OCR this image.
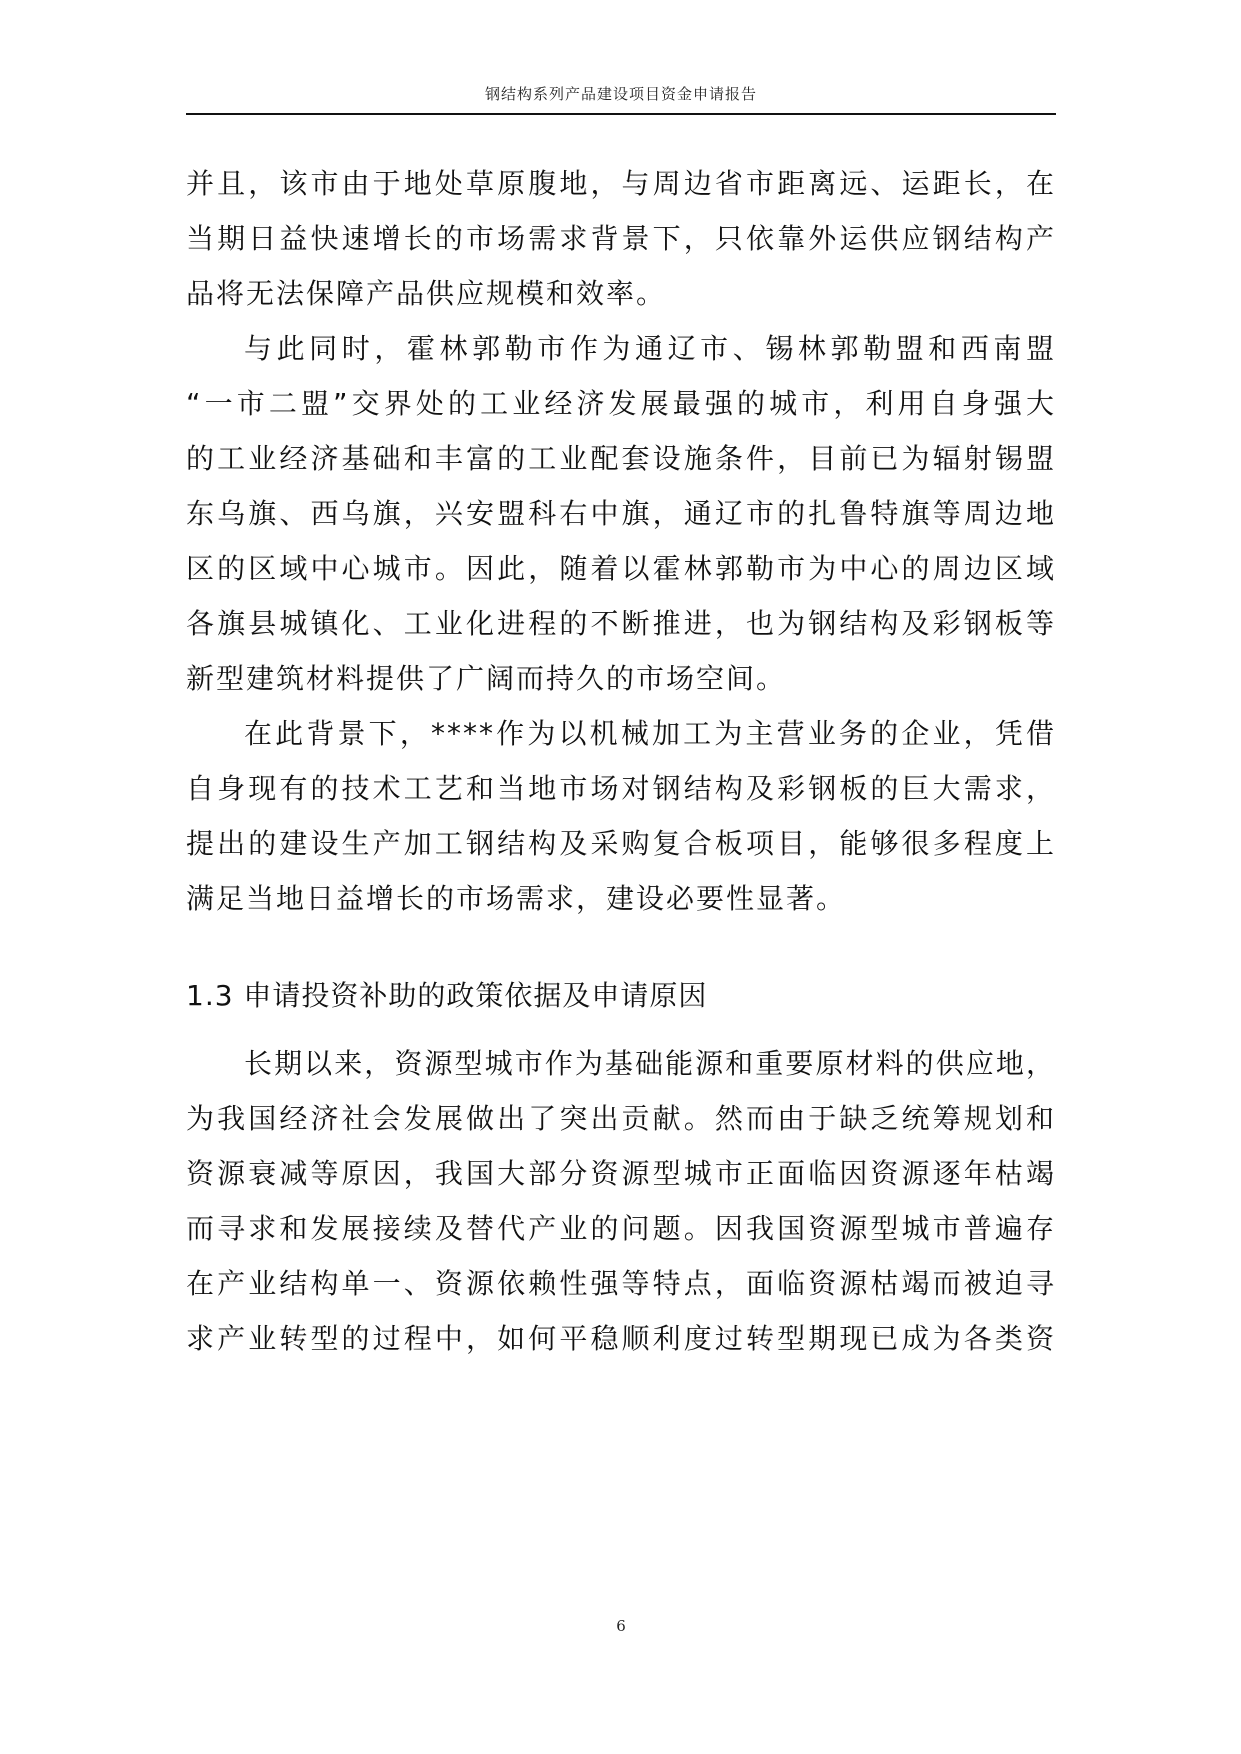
钢结构系列产品建设项目资金申请报告
并且，该市由于地处草原腹地，与周边省市距离远、运距长，在
当期日益快速增长的市场需求背景下，只依靠外运供应钢结构产
品将无法保障产品供应规模和效率。
与此同时，霍林郭勒市作为通辽市、锡林郭勒盟和西南盟
“一市二盟”交界处的工业经济发展最强的城市，利用自身强大
的工业经济基础和丰富的工业配套设施条件，目前已为辐射锡盟
东乌旗、西乌旗，兴安盟科右中旗，通辽市的扎鲁特旗等周边地
区的区域中心城市。因此，随着以霍林郭勒市为中心的周边区域
各旗县城镇化、工业化进程的不断推进，也为钢结构及彩钢板等
新型建筑材料提供了广阔而持久的市场空间。
在此背景下，****作为以机械加工为主营业务的企业，凭借
自身现有的技术工艺和当地市场对钢结构及彩钢板的巨大需求，
提出的建设生产加工钢结构及采购复合板项目，能够很多程度上
满足当地日益增长的市场需求，建设必要性显著。
1.3 申请投资补助的政策依据及申请原因
长期以来，资源型城市作为基础能源和重要原材料的供应地，
为我国经济社会发展做出了突出贡献。然而由于缺乏统筹规划和
资源衰减等原因，我国大部分资源型城市正面临因资源逐年枯竭
而寻求和发展接续及替代产业的问题。因我国资源型城市普遍存
在产业结构单一、资源依赖性强等特点，面临资源枯竭而被迫寻
求产业转型的过程中，如何平稳顺利度过转型期现已成为各类资
6
